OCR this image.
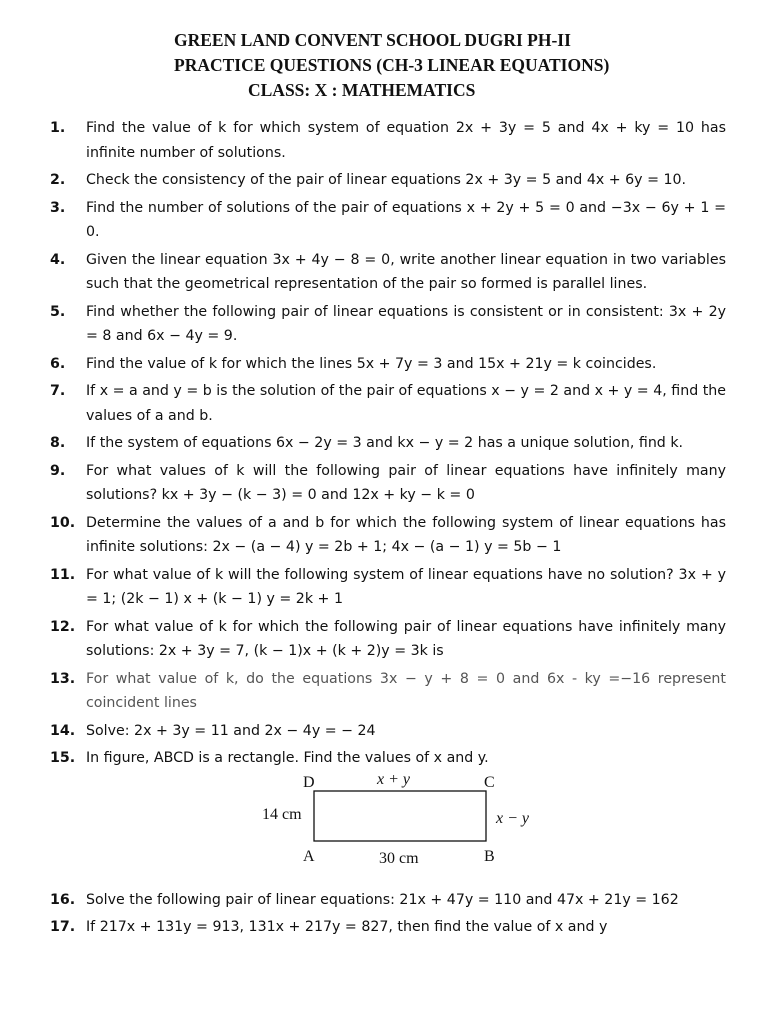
GREEN LAND CONVENT SCHOOL DUGRI PH-II
PRACTICE QUESTIONS (CH-3 LINEAR EQUATIONS)
CLASS: X : MATHEMATICS
1.	Find the value of k for which system of equation 2x + 3y = 5 and 4x + ky = 10 has infinite number of solutions.
2.	Check the consistency of the pair of linear equations 2x + 3y = 5 and 4x + 6y = 10.
3.	Find the number of solutions of the pair of equations x + 2y + 5 = 0 and −3x − 6y + 1 = 0.
4.	Given the linear equation 3x + 4y − 8 = 0, write another linear equation in two variables such that the geometrical representation of the pair so formed is parallel lines.
5.	Find whether the following pair of linear equations is consistent or in consistent: 3x + 2y = 8 and 6x − 4y = 9.
6.	Find the value of k for which the lines 5x + 7y = 3 and 15x + 21y = k coincides.
7.	If x = a and y = b is the solution of the pair of equations x − y = 2 and x + y = 4, find the values of a and b.
8.	If the system of equations 6x − 2y = 3 and kx − y = 2 has a unique solution, find k.
9.	For what values of k will the following pair of linear equations have infinitely many solutions? kx + 3y − (k − 3) = 0 and 12x + ky − k = 0
10. Determine the values of a and b for which the following system of linear equations has infinite solutions: 2x − (a − 4) y = 2b + 1; 4x − (a − 1) y = 5b − 1
11. For what value of k will the following system of linear equations have no solution? 3x + y = 1; (2k − 1) x + (k − 1) y = 2k + 1
12. For what value of k for which the following pair of linear equations have infinitely many solutions: 2x + 3y = 7, (k − 1)x + (k + 2)y = 3k is
13. For what value of k, do the equations 3x − y + 8 = 0 and 6x - ky =−16 represent coincident lines
14. Solve: 2x + 3y = 11 and 2x − 4y = − 24
15. In figure, ABCD is a rectangle. Find the values of x and y.
D	C
A	B
x + y
x − y
14 cm
30 cm
16. Solve the following pair of linear equations: 21x + 47y = 110 and 47x + 21y = 162
17. If 217x + 131y = 913, 131x + 217y = 827, then find the value of x and y
